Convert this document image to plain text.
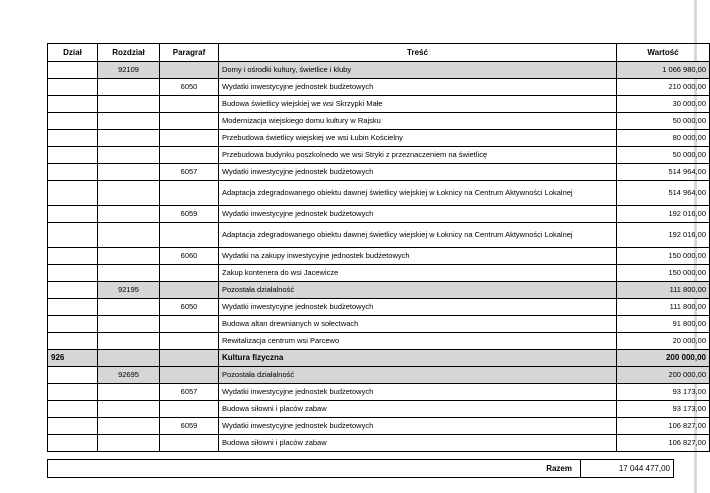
Dział	Rozdział	Paragraf	Treść	Wartość
	92109		Domy i ośrodki kultury, świetlice i kluby	1 066 980,00
		6050	Wydatki inwestycyjne jednostek budżetowych	210 000,00
			Budowa świetlicy wiejskiej we wsi Skrzypki Małe	30 000,00
			Modernizacja wiejskiego domu kultury w Rajsku	50 000,00
			Przebudowa świetlicy wiejskiej we wsi Łubin Kościelny	80 000,00
			Przebudowa budynku poszkolnedo we wsi Stryki z przeznaczeniem na świetlicę	50 000,00
		6057	Wydatki inwestycyjne jednostek budżetowych	514 964,00
			Adaptacja zdegradowanego obiektu dawnej świetlicy wiejskiej w Łoknicy na Centrum Aktywności Lokalnej	514 964,00
		6059	Wydatki inwestycyjne jednostek budżetowych	192 016,00
			Adaptacja zdegradowanego obiektu dawnej świetlicy wiejskiej w Łoknicy na Centrum Aktywności Lokalnej	192 016,00
		6060	Wydatki na zakupy inwestycyjne jednostek budżetowych	150 000,00
			Zakup kontenera do wsi Jacewicze	150 000,00
	92195		Pozostała działalność	111 800,00
		6050	Wydatki inwestycyjne jednostek budżetowych	111 800,00
			Budowa altan drewnianych w sołectwach	91 800,00
			Rewitalizacja centrum wsi Parcewo	20 000,00
926			Kultura fizyczna	200 000,00
	92695		Pozostała działalność	200 000,00
		6057	Wydatki inwestycyjne jednostek budżetowych	93 173,00
			Budowa siłowni i placów zabaw	93 173,00
		6059	Wydatki inwestycyjne jednostek budżetowych	106 827,00
			Budowa siłowni i placów zabaw	106 827,00
Razem	17 044 477,00
